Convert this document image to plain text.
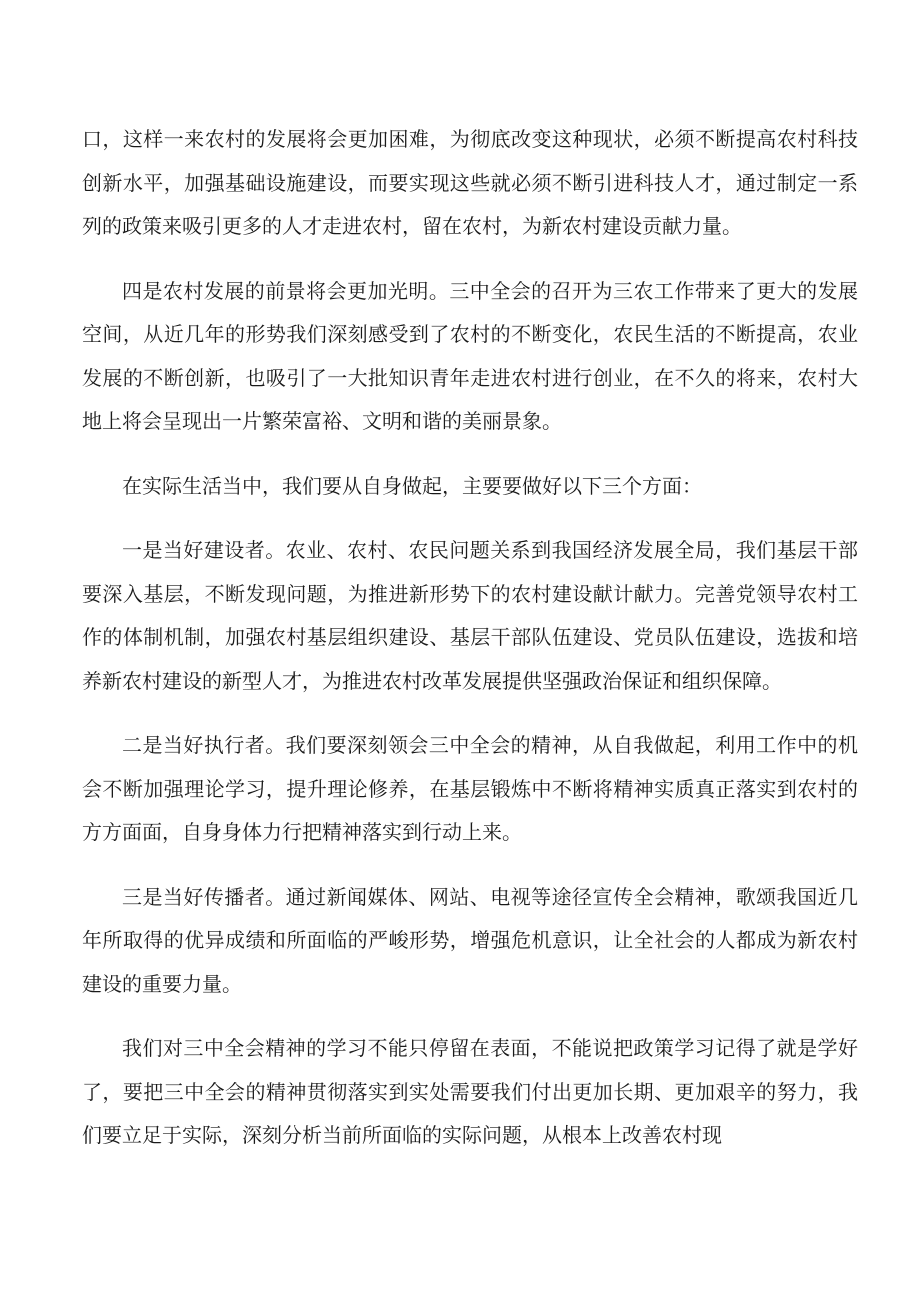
口，这样一来农村的发展将会更加困难，为彻底改变这种现状，必须不断提高农村科技创新水平，加强基础设施建设，而要实现这些就必须不断引进科技人才，通过制定一系列的政策来吸引更多的人才走进农村，留在农村，为新农村建设贡献力量。

四是农村发展的前景将会更加光明。三中全会的召开为三农工作带来了更大的发展空间，从近几年的形势我们深刻感受到了农村的不断变化，农民生活的不断提高，农业发展的不断创新，也吸引了一大批知识青年走进农村进行创业，在不久的将来，农村大地上将会呈现出一片繁荣富裕、文明和谐的美丽景象。

在实际生活当中，我们要从自身做起，主要要做好以下三个方面：

一是当好建设者。农业、农村、农民问题关系到我国经济发展全局，我们基层干部要深入基层，不断发现问题，为推进新形势下的农村建设献计献力。完善党领导农村工作的体制机制，加强农村基层组织建设、基层干部队伍建设、党员队伍建设，选拔和培养新农村建设的新型人才，为推进农村改革发展提供坚强政治保证和组织保障。

二是当好执行者。我们要深刻领会三中全会的精神，从自我做起，利用工作中的机会不断加强理论学习，提升理论修养，在基层锻炼中不断将精神实质真正落实到农村的方方面面，自身身体力行把精神落实到行动上来。

三是当好传播者。通过新闻媒体、网站、电视等途径宣传全会精神，歌颂我国近几年所取得的优异成绩和所面临的严峻形势，增强危机意识，让全社会的人都成为新农村建设的重要力量。

我们对三中全会精神的学习不能只停留在表面，不能说把政策学习记得了就是学好了，要把三中全会的精神贯彻落实到实处需要我们付出更加长期、更加艰辛的努力，我们要立足于实际，深刻分析当前所面临的实际问题，从根本上改善农村现
